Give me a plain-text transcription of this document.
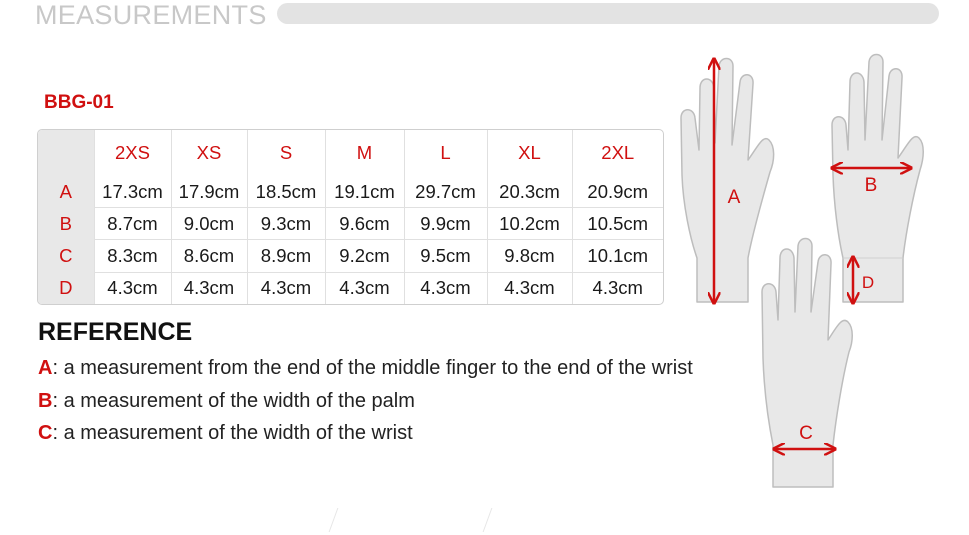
MEASUREMENTS
BBG-01
	2XS	XS	S	M	L	XL	2XL
A	17.3cm	17.9cm	18.5cm	19.1cm	29.7cm	20.3cm	20.9cm
B	8.7cm	9.0cm	9.3cm	9.6cm	9.9cm	10.2cm	10.5cm
C	8.3cm	8.6cm	8.9cm	9.2cm	9.5cm	9.8cm	10.1cm
D	4.3cm	4.3cm	4.3cm	4.3cm	4.3cm	4.3cm	4.3cm
REFERENCE
A: a measurement from the end of the middle finger to the end of the wrist
B: a measurement of the width of the palm
C: a measurement of the width of the wrist
A
B
D
C
